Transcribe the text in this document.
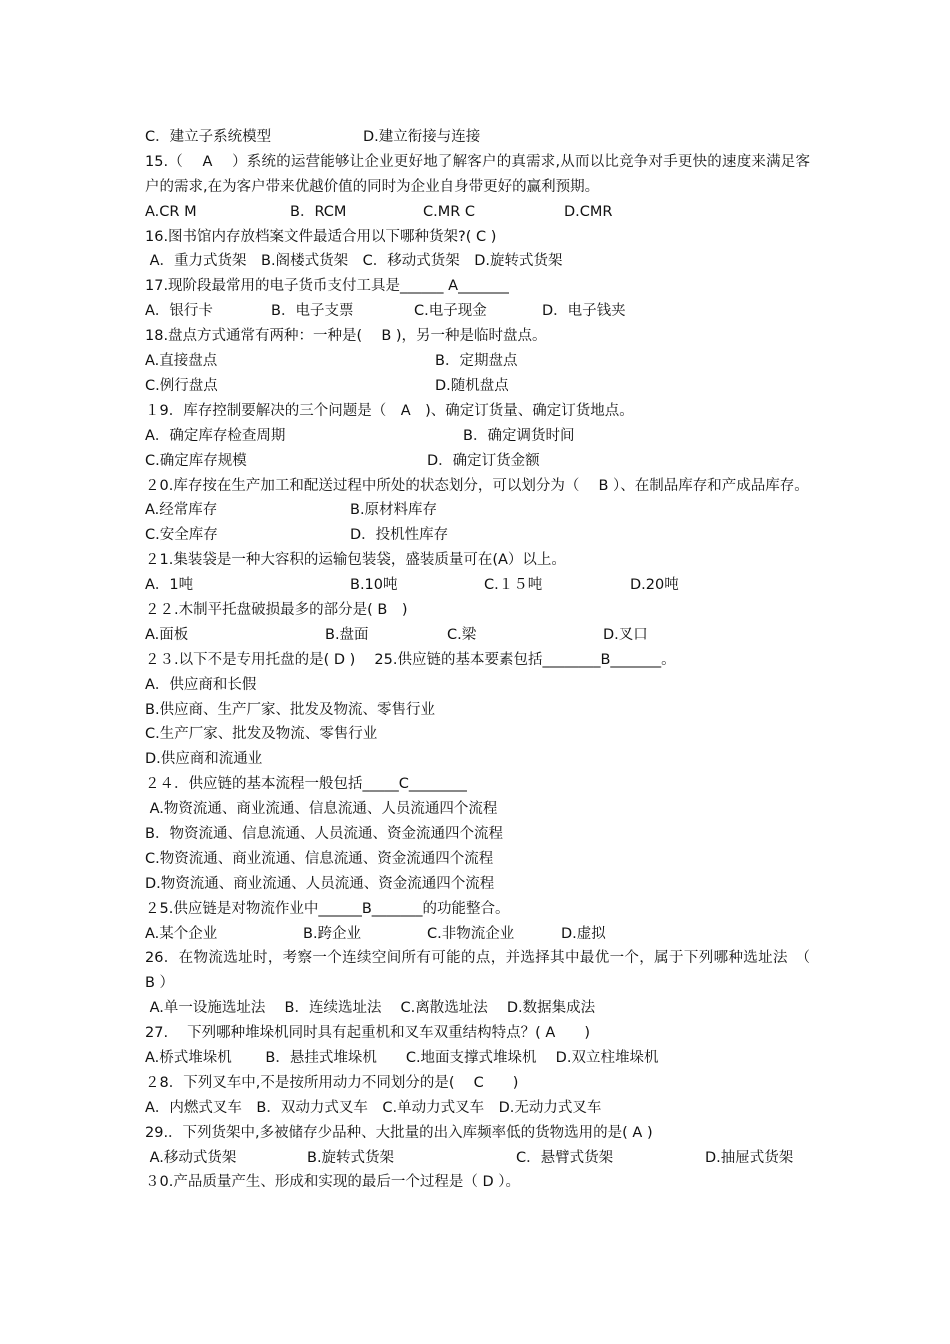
C．建立子系统模型	D.建立衔接与连接
15.（　 A　 ）系统的运营能够让企业更好地了解客户的真需求,从而以比竞争对手更快的速度来满足客户的需求,在为客户带来优越价值的同时为企业自身带更好的赢利预期。
A.CR M	B．RCM	C.MR C	D.CMR
16.图书馆内存放档案文件最适合用以下哪种货架?( C )
A．重力式货架　B.阁楼式货架　C．移动式货架　D.旋转式货架
17.现阶段最常用的电子货币支付工具是______ A_______
A．银行卡	B．电子支票	C.电子现金	D．电子钱夹
18.盘点方式通常有两种：一种是(　 B )，另一种是临时盘点。
A.直接盘点	B．定期盘点
C.例行盘点	D.随机盘点
１9．库存控制要解决的三个问题是（　A　)、确定订货量、确定订货地点。
A．确定库存检查周期	B．确定调货时间
C.确定库存规模	D．确定订货金额
２0.库存按在生产加工和配送过程中所处的状态划分，可以划分为（　 B ）、在制品库存和产成品库存。
A.经常库存	B.原材料库存
C.安全库存	D．投机性库存
２1.集装袋是一种大容积的运输包装袋，盛装质量可在(A）以上。
A．1吨	B.10吨	C.１５吨	D.20吨
２２.木制平托盘破损最多的部分是( B　)
A.面板	B.盘面	C.梁	D.叉口
２３.以下不是专用托盘的是( D )　 25.供应链的基本要素包括________B_______。
A．供应商和长假
B.供应商、生产厂家、批发及物流、零售行业
C.生产厂家、批发及物流、零售行业
D.供应商和流通业
２４．供应链的基本流程一般包括_____C________
A.物资流通、商业流通、信息流通、人员流通四个流程
B．物资流通、信息流通、人员流通、资金流通四个流程
C.物资流通、商业流通、信息流通、资金流通四个流程
D.物资流通、商业流通、人员流通、资金流通四个流程
２5.供应链是对物流作业中______B_______的功能整合。
A.某个企业	B.跨企业	C.非物流企业	D.虚拟
26．在物流选址时，考察一个连续空间所有可能的点，并选择其中最优一个，属于下列哪种选址法　（　 B ）
A.单一设施选址法　 B．连续选址法　 C.离散选址法　 D.数据集成法
27.　 下列哪种堆垛机同时具有起重机和叉车双重结构特点？( A　　)
A.桥式堆垛机　　 B．悬挂式堆垛机　　C.地面支撑式堆垛机　 D.双立柱堆垛机
２8．下列叉车中,不是按所用动力不同划分的是(　 C　　)
A．内燃式叉车　B．双动力式叉车　C.单动力式叉车　D.无动力式叉车
29.．下列货架中,多被储存少品种、大批量的出入库频率低的货物选用的是( A )
A.移动式货架	B.旋转式货架	C．悬臂式货架	D.抽屉式货架
３0.产品质量产生、形成和实现的最后一个过程是（ D ）。
